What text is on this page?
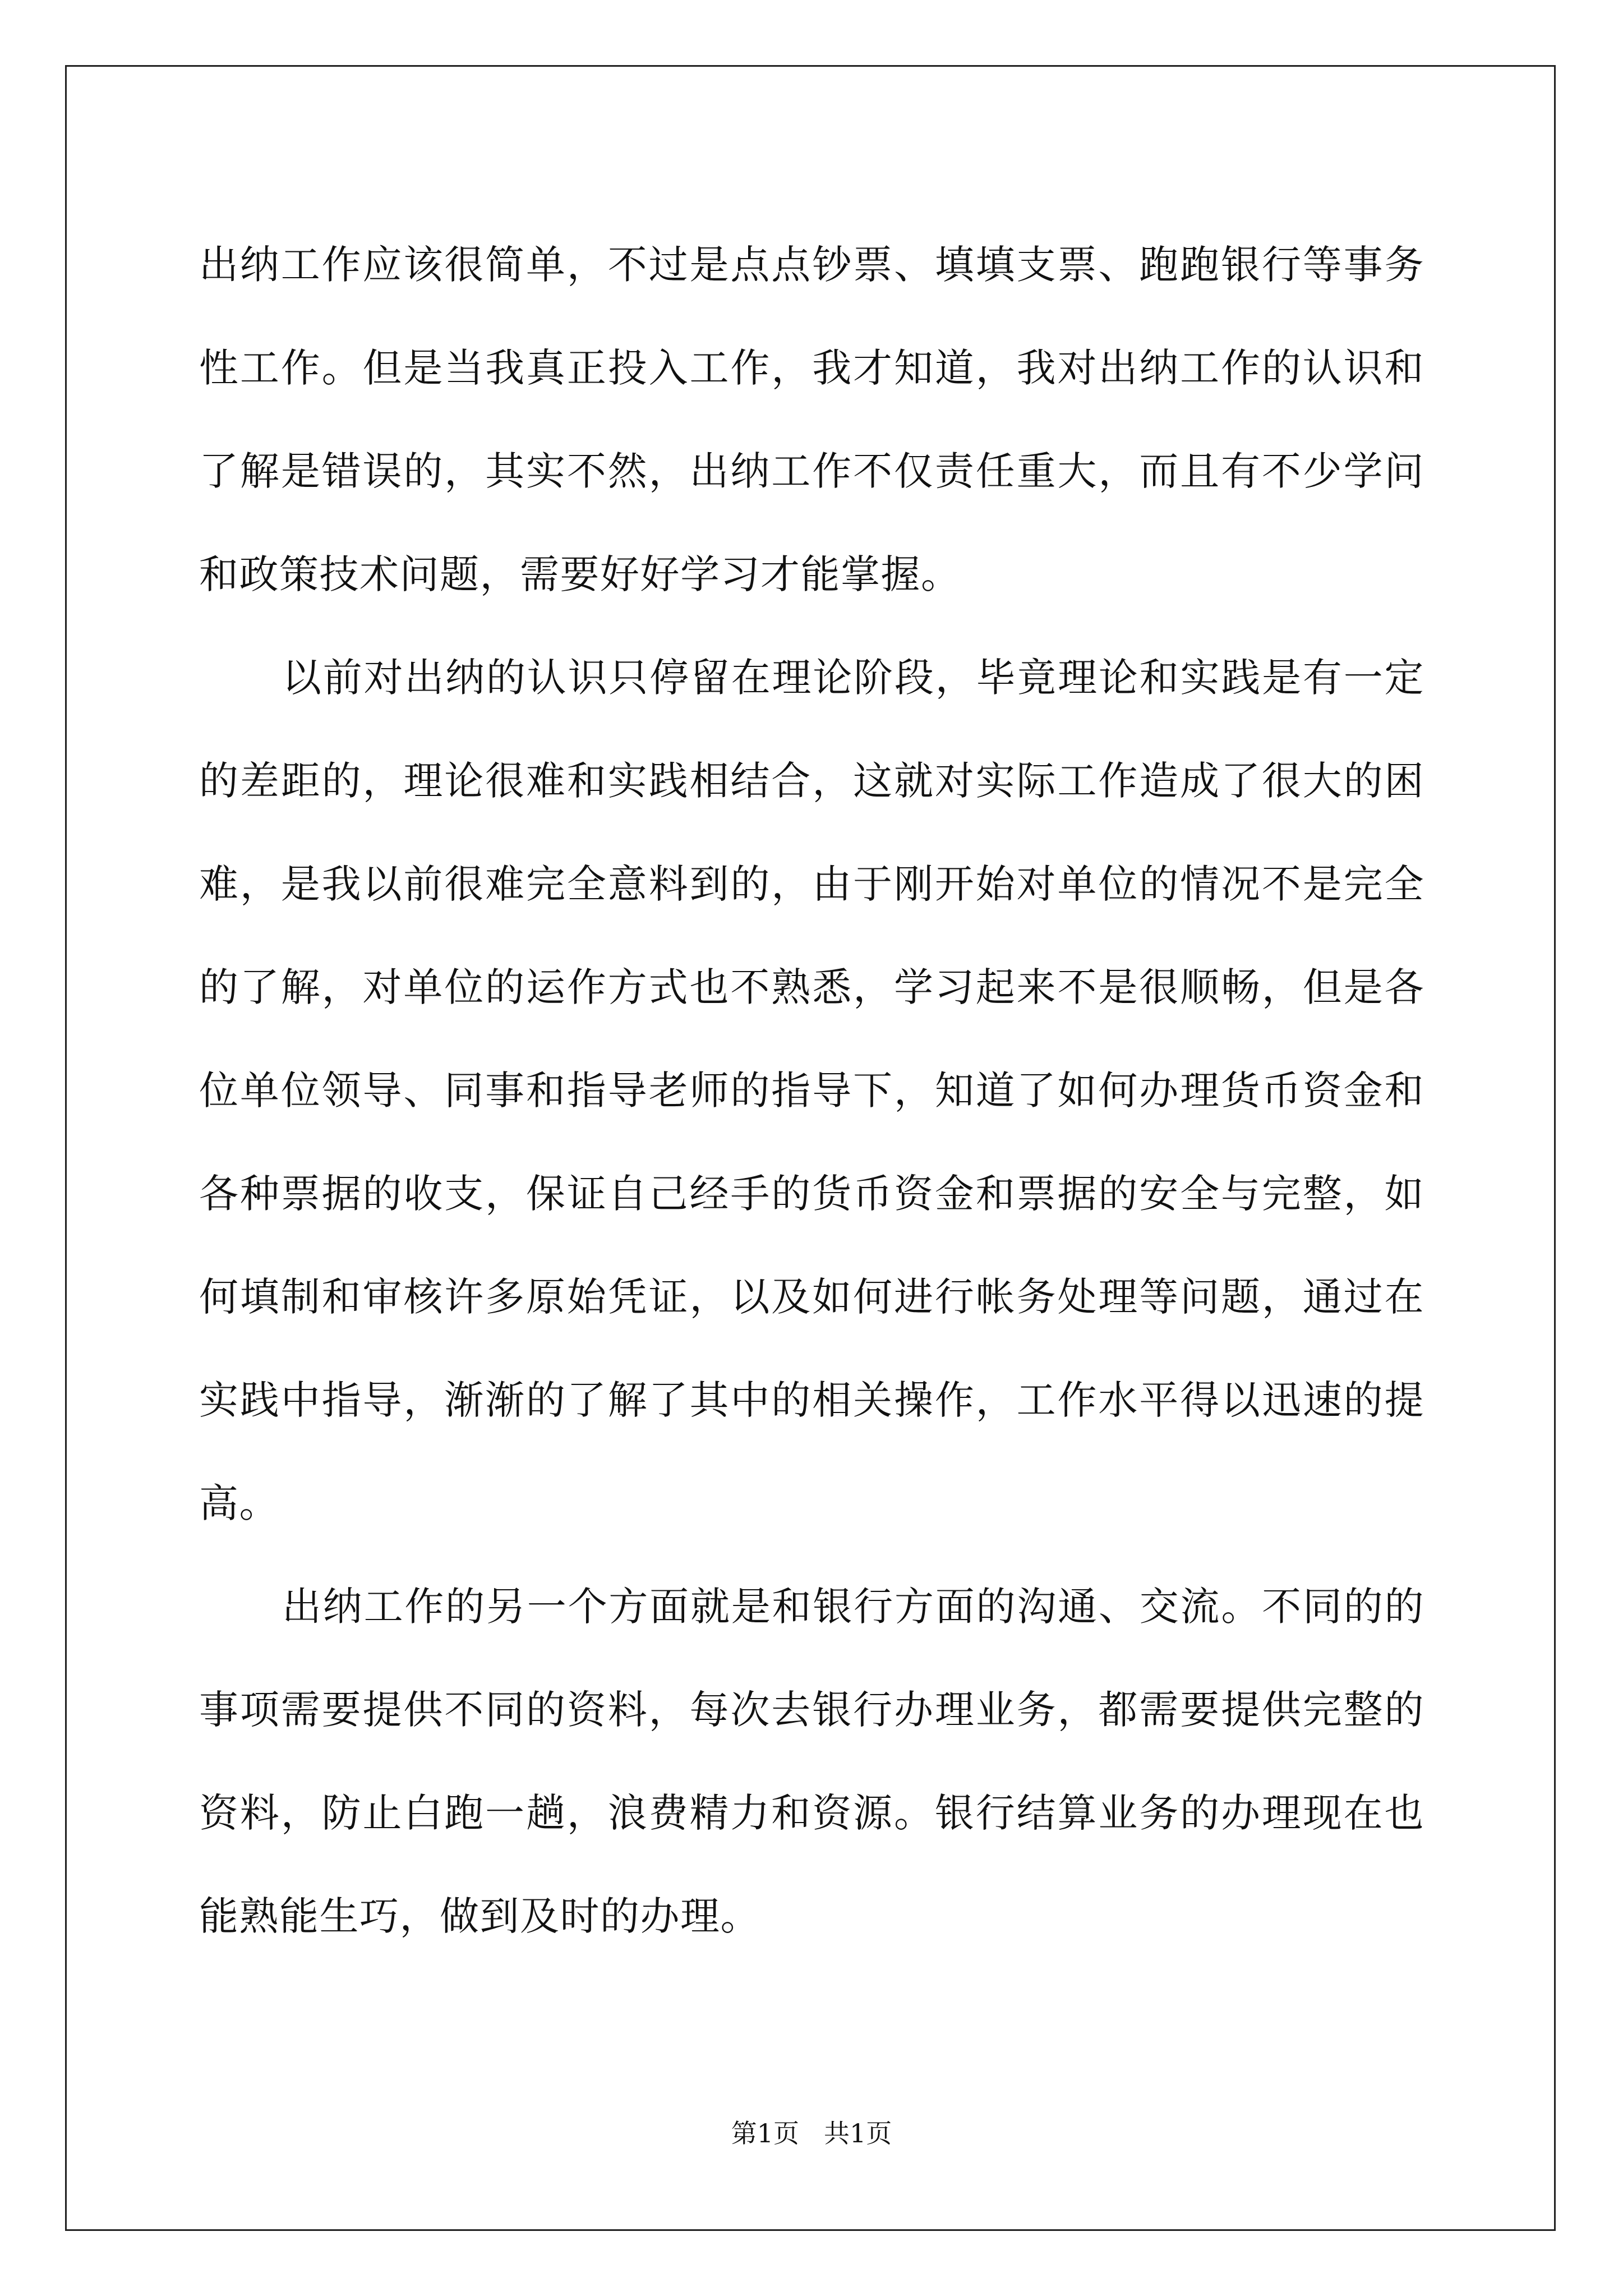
出纳工作应该很简单，不过是点点钞票、填填支票、跑跑银行等事务性工作。但是当我真正投入工作，我才知道，我对出纳工作的认识和了解是错误的，其实不然，出纳工作不仅责任重大，而且有不少学问和政策技术问题，需要好好学习才能掌握。

以前对出纳的认识只停留在理论阶段，毕竟理论和实践是有一定的差距的，理论很难和实践相结合，这就对实际工作造成了很大的困难，是我以前很难完全意料到的，由于刚开始对单位的情况不是完全的了解，对单位的运作方式也不熟悉，学习起来不是很顺畅，但是各位单位领导、同事和指导老师的指导下，知道了如何办理货币资金和各种票据的收支，保证自己经手的货币资金和票据的安全与完整，如何填制和审核许多原始凭证，以及如何进行帐务处理等问题，通过在实践中指导，渐渐的了解了其中的相关操作，工作水平得以迅速的提高。

出纳工作的另一个方面就是和银行方面的沟通、交流。不同的的事项需要提供不同的资料，每次去银行办理业务，都需要提供完整的资料，防止白跑一趟，浪费精力和资源。银行结算业务的办理现在也能熟能生巧，做到及时的办理。

第1页 共1页
